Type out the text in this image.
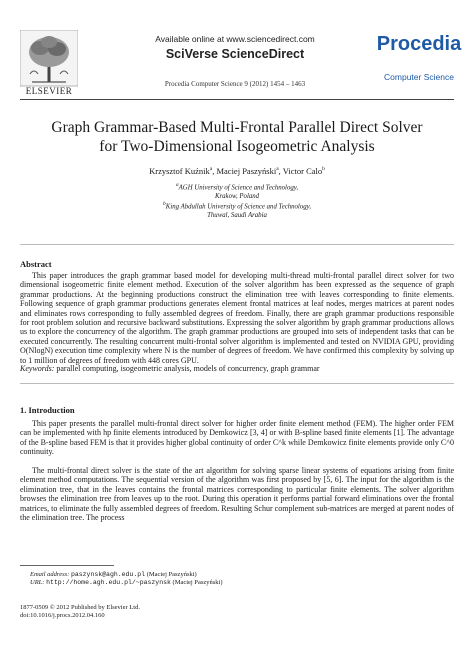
ELSEVIER
Available online at www.sciencedirect.com
SciVerse ScienceDirect
Procedia Computer Science 9 (2012) 1454 – 1463
Procedia
Computer Science
Graph Grammar-Based Multi-Frontal Parallel Direct Solver
for Two-Dimensional Isogeometric Analysis
Krzysztof Kuźnik$^a$, Maciej Paszyński$^a$, Victor Calo$^b$
$^a$AGH University of Science and Technology,
Krakow, Poland
$^b$King Abdullah University of Science and Technology,
Thuwal, Saudi Arabia
Abstract
This paper introduces the graph grammar based model for developing multi-thread multi-frontal parallel direct solver for two dimensional isogeometric finite element method. Execution of the solver algorithm has been expressed as the sequence of graph grammar productions. At the beginning productions construct the elimination tree with leaves corresponding to finite elements. Following sequence of graph grammar productions generates element frontal matrices at leaf nodes, merges matrices at parent nodes and eliminates rows corresponding to fully assembled degrees of freedom. Finally, there are graph grammar productions responsible for root problem solution and recursive backward substitutions. Expressing the solver algorithm by graph grammar productions allows us to explore the concurrency of the algorithm. The graph grammar productions are grouped into sets of independent tasks that can be executed concurrently. The resulting concurrent multi-frontal solver algorithm is implemented and tested on NVIDIA GPU, providing O(NlogN) execution time complexity where N is the number of degrees of freedom. We have confirmed this complexity by solving up to 1 million of degrees of freedom with 448 cores GPU.
Keywords: parallel computing, isogeometric analysis, models of concurrency, graph grammar
1. Introduction
This paper presents the parallel multi-frontal direct solver for higher order finite element method (FEM). The higher order FEM can be implemented with hp finite elements introduced by Demkowicz [3, 4] or with B-spline based finite elements [1]. The advantage of the B-spline based FEM is that it provides higher global continuity of order C^k while Demkowicz finite elements provide only C^0 continuity.
The multi-frontal direct solver is the state of the art algorithm for solving sparse linear systems of equations arising from finite element method computations. The sequential version of the algorithm was first proposed by [5, 6]. The input for the algorithm is the elimination tree, that in the leaves contains the frontal matrices corresponding to particular finite elements. The solver algorithm browses the elimination tree from leaves up to the root. During this operation it performs partial forward eliminations over the frontal matrices, to eliminate the fully assembled degrees of freedom. Resulting Schur complement sub-matrices are merged at parent nodes of the elimination tree. The process
Email address: paszynsk@agh.edu.pl (Maciej Paszyński)
URL: http://home.agh.edu.pl/~paszynsk (Maciej Paszyński)
1877-0509 © 2012 Published by Elsevier Ltd.
doi:10.1016/j.procs.2012.04.160
